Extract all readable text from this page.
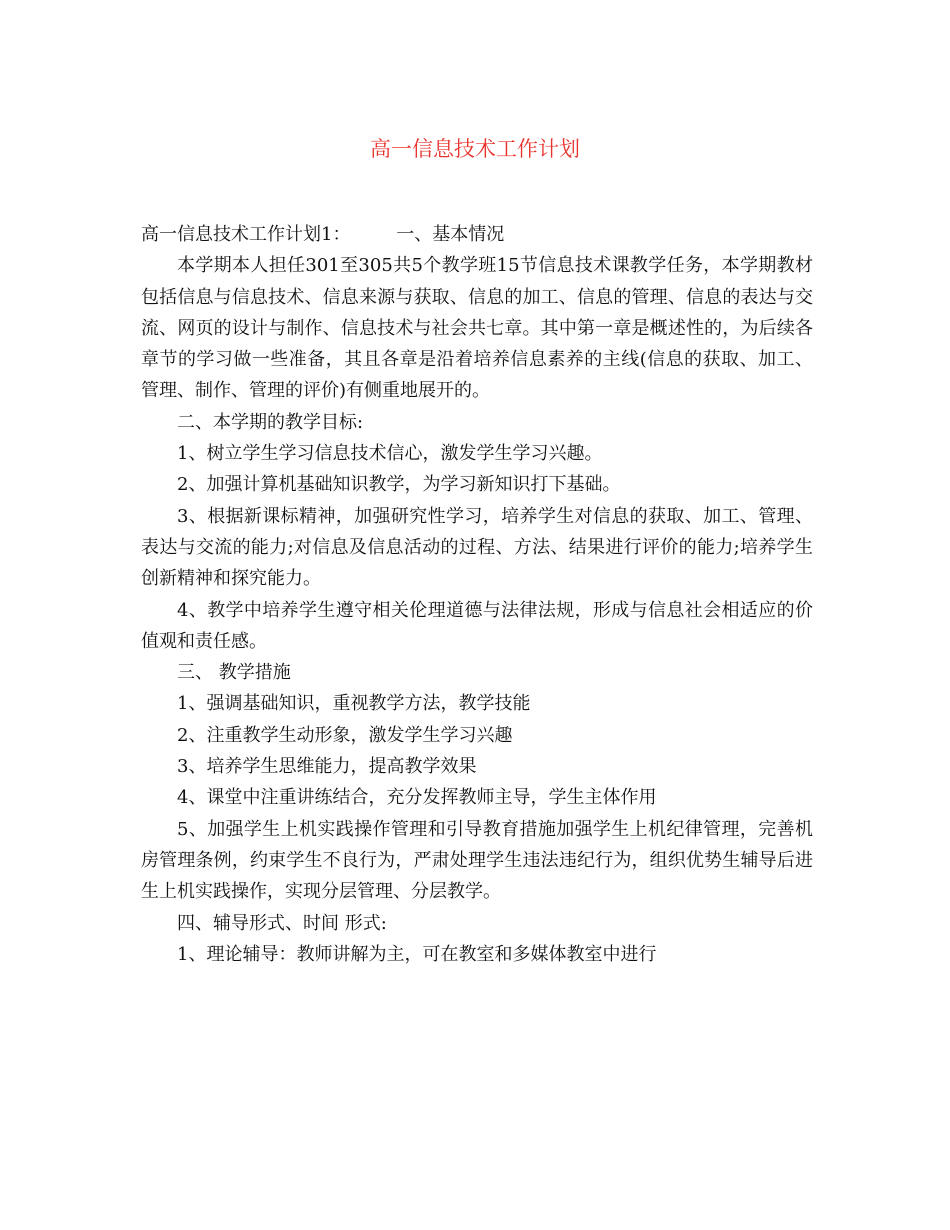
高一信息技术工作计划

高一信息技术工作计划1：        一、基本情况

本学期本人担任301至305共5个教学班15节信息技术课教学任务，本学期教材包括信息与信息技术、信息来源与获取、信息的加工、信息的管理、信息的表达与交流、网页的设计与制作、信息技术与社会共七章。其中第一章是概述性的，为后续各章节的学习做一些准备，其且各章是沿着培养信息素养的主线(信息的获取、加工、管理、制作、管理的评价)有侧重地展开的。

二、本学期的教学目标:

1、树立学生学习信息技术信心，激发学生学习兴趣。

2、加强计算机基础知识教学，为学习新知识打下基础。

3、根据新课标精神，加强研究性学习，培养学生对信息的获取、加工、管理、表达与交流的能力;对信息及信息活动的过程、方法、结果进行评价的能力;培养学生创新精神和探究能力。

4、教学中培养学生遵守相关伦理道德与法律法规，形成与信息社会相适应的价值观和责任感。

三、 教学措施

1、强调基础知识，重视教学方法，教学技能

2、注重教学生动形象，激发学生学习兴趣

3、培养学生思维能力，提高教学效果

4、课堂中注重讲练结合，充分发挥教师主导，学生主体作用

5、加强学生上机实践操作管理和引导教育措施加强学生上机纪律管理，完善机房管理条例，约束学生不良行为，严肃处理学生违法违纪行为，组织优势生辅导后进生上机实践操作，实现分层管理、分层教学。

四、辅导形式、时间 形式:

1、理论辅导：教师讲解为主，可在教室和多媒体教室中进行
